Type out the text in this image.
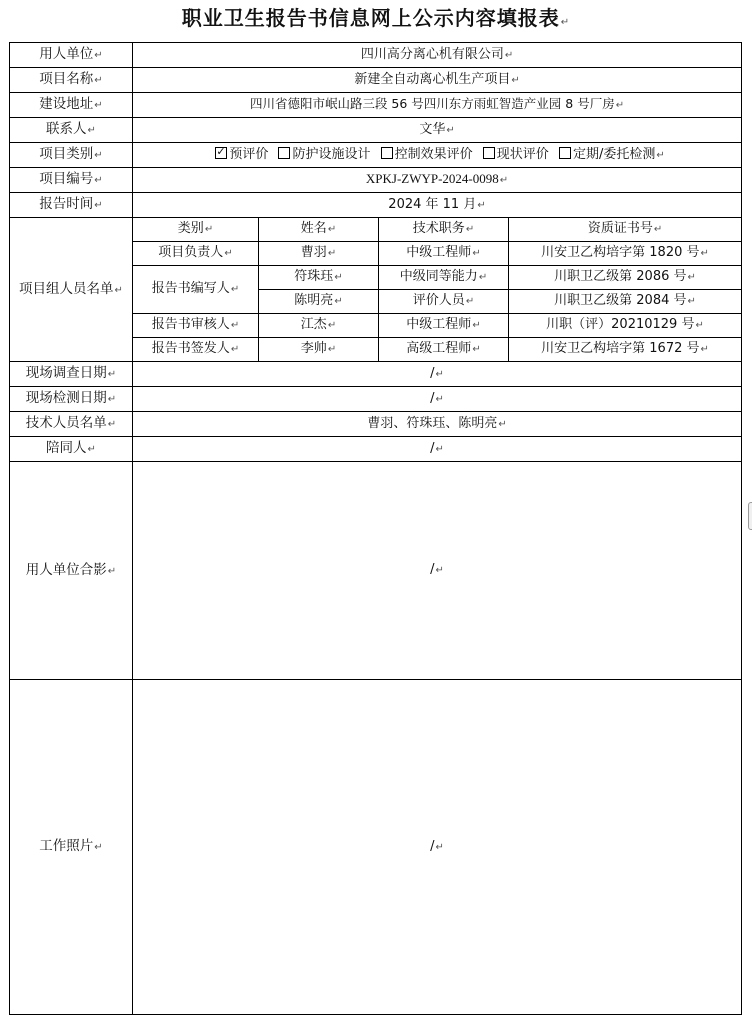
职业卫生报告书信息网上公示内容填报表↵
用人单位↵	四川高分离心机有限公司↵			
项目名称↵	新建全自动离心机生产项目↵			
建设地址↵	四川省德阳市岷山路三段 56 号四川东方雨虹智造产业园 8 号厂房↵			
联系人↵	文华↵			
项目类别↵	✓预评价 防护设施设计 控制效果评价 现状评价 定期/委托检测↵
项目编号↵	XPKJ-ZWYP-2024-0098↵			
报告时间↵	2024 年 11 月↵			
项目组人员名单↵	类别↵	姓名↵	技术职务↵	资质证书号↵
	项目负责人↵	曹羽↵	中级工程师↵	川安卫乙构培字第 1820 号↵
	报告书编写人↵	符珠珏↵	中级同等能力↵	川职卫乙级第 2086 号↵
		陈明亮↵	评价人员↵	川职卫乙级第 2084 号↵
	报告书审核人↵	江杰↵	中级工程师↵	川职（评）20210129 号↵
	报告书签发人↵	李帅↵	高级工程师↵	川安卫乙构培字第 1672 号↵
现场调查日期↵	/↵			
现场检测日期↵	/↵			
技术人员名单↵	曹羽、符珠珏、陈明亮↵			
陪同人↵	/↵			
用人单位合影↵	/↵			
工作照片↵	/↵			
